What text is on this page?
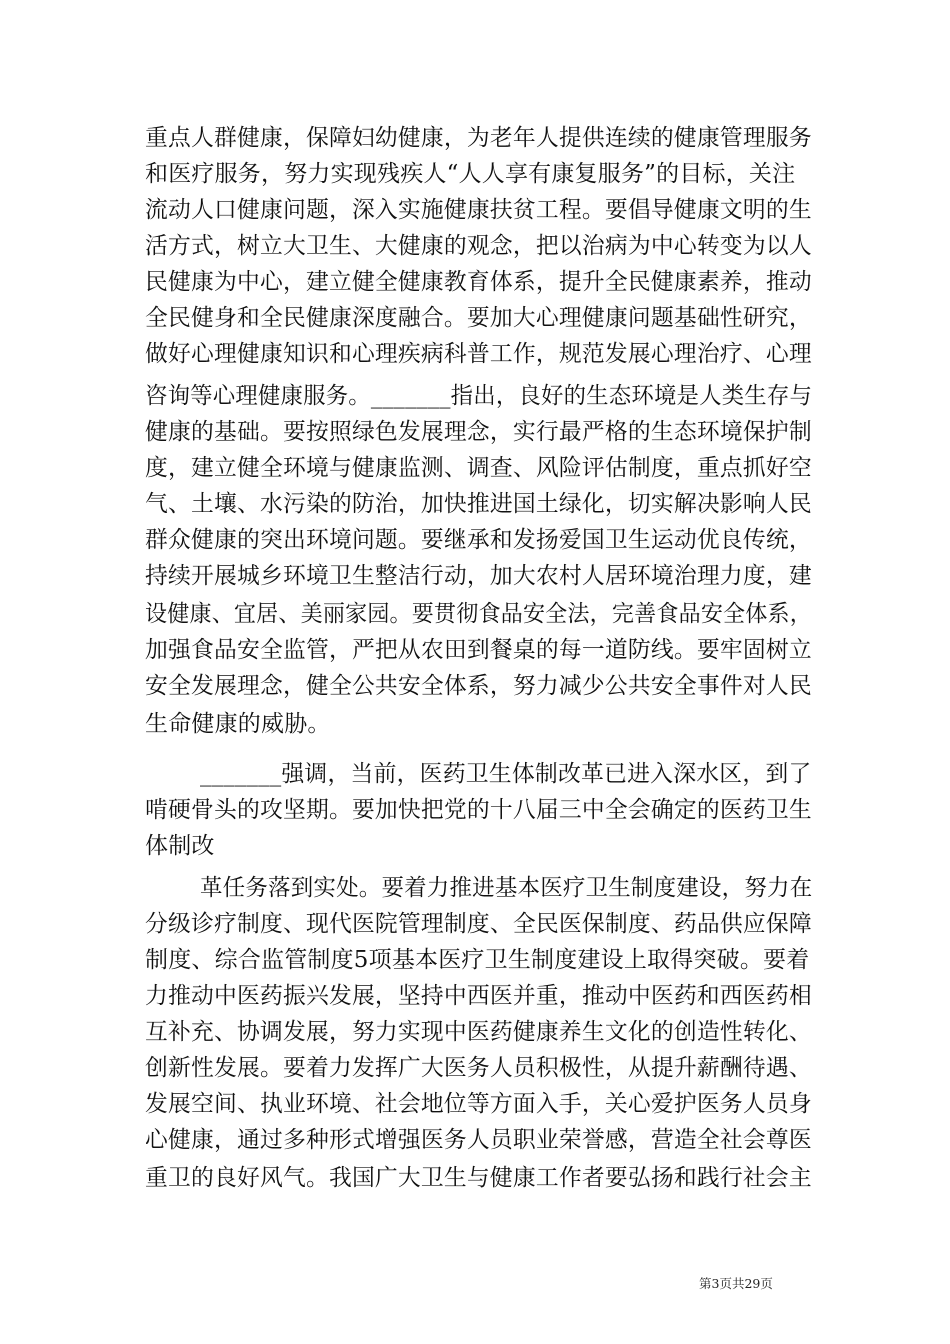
重点人群健康，保障妇幼健康，为老年人提供连续的健康管理服务
和医疗服务，努力实现残疾人“人人享有康复服务”的目标，关注
流动人口健康问题，深入实施健康扶贫工程。要倡导健康文明的生
活方式，树立大卫生、大健康的观念，把以治病为中心转变为以人
民健康为中心，建立健全健康教育体系，提升全民健康素养，推动
全民健身和全民健康深度融合。要加大心理健康问题基础性研究，
做好心理健康知识和心理疾病科普工作，规范发展心理治疗、心理
咨询等心理健康服务。_______指出，良好的生态环境是人类生存与
健康的基础。要按照绿色发展理念，实行最严格的生态环境保护制
度，建立健全环境与健康监测、调查、风险评估制度，重点抓好空
气、土壤、水污染的防治，加快推进国土绿化，切实解决影响人民
群众健康的突出环境问题。要继承和发扬爱国卫生运动优良传统，
持续开展城乡环境卫生整洁行动，加大农村人居环境治理力度，建
设健康、宜居、美丽家园。要贯彻食品安全法，完善食品安全体系，
加强食品安全监管，严把从农田到餐桌的每一道防线。要牢固树立
安全发展理念，健全公共安全体系，努力减少公共安全事件对人民
生命健康的威胁。
_______强调，当前，医药卫生体制改革已进入深水区，到了
啃硬骨头的攻坚期。要加快把党的十八届三中全会确定的医药卫生
体制改
革任务落到实处。要着力推进基本医疗卫生制度建设，努力在
分级诊疗制度、现代医院管理制度、全民医保制度、药品供应保障
制度、综合监管制度5项基本医疗卫生制度建设上取得突破。要着
力推动中医药振兴发展，坚持中西医并重，推动中医药和西医药相
互补充、协调发展，努力实现中医药健康养生文化的创造性转化、
创新性发展。要着力发挥广大医务人员积极性，从提升薪酬待遇、
发展空间、执业环境、社会地位等方面入手，关心爱护医务人员身
心健康，通过多种形式增强医务人员职业荣誉感，营造全社会尊医
重卫的良好风气。我国广大卫生与健康工作者要弘扬和践行社会主
第3页共29页
